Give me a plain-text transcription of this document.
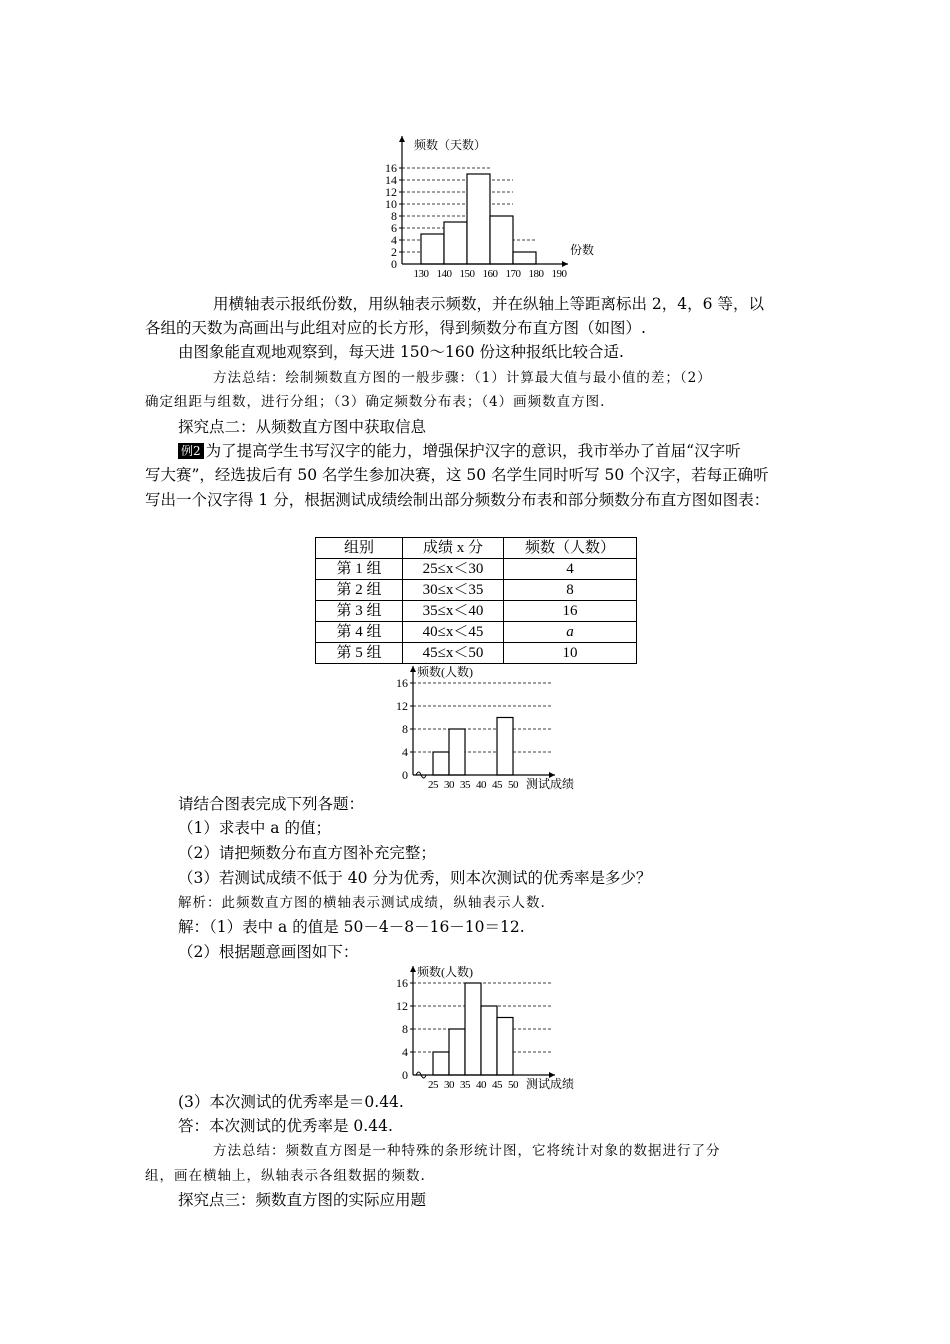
0
2
4
6
8
10
12
14
16
130 140 150 160 170 180 190
频数（天数）
份数
用横轴表示报纸份数，用纵轴表示频数，并在纵轴上等距离标出 2，4，6 等，以
各组的天数为高画出与此组对应的长方形，得到频数分布直方图（如图）.
由图象能直观地观察到，每天进 150～160 份这种报纸比较合适.
方法总结：绘制频数直方图的一般步骤：（1）计算最大值与最小值的差；（2）
确定组距与组数，进行分组；（3）确定频数分布表；（4）画频数直方图.
探究点二：从频数直方图中获取信息
例2 为了提高学生书写汉字的能力，增强保护汉字的意识，我市举办了首届“汉字听
写大赛”，经选拔后有 50 名学生参加决赛，这 50 名学生同时听写 50 个汉字，若每正确听
写出一个汉字得 1 分，根据测试成绩绘制出部分频数分布表和部分频数分布直方图如图表：
组别	成绩 x 分	频数（人数）
第 1 组	25≤x＜30	4
第 2 组	30≤x＜35	8
第 3 组	35≤x＜40	16
第 4 组	40≤x＜45	a
第 5 组	45≤x＜50	10
0
4
8
12
16
25 30 35 40 45 50
频数(人数)
测试成绩
请结合图表完成下列各题：
（1）求表中 a 的值；
（2）请把频数分布直方图补充完整；
（3）若测试成绩不低于 40 分为优秀，则本次测试的优秀率是多少？
解析：此频数直方图的横轴表示测试成绩，纵轴表示人数.
解：（1）表中 a 的值是 50－4－8－16－10＝12.
（2）根据题意画图如下：
0
4
8
12
16
25 30 35 40 45 50
频数(人数)
测试成绩
(3）本次测试的优秀率是＝0.44.
答：本次测试的优秀率是 0.44.
方法总结：频数直方图是一种特殊的条形统计图，它将统计对象的数据进行了分
组，画在横轴上，纵轴表示各组数据的频数.
探究点三：频数直方图的实际应用题
